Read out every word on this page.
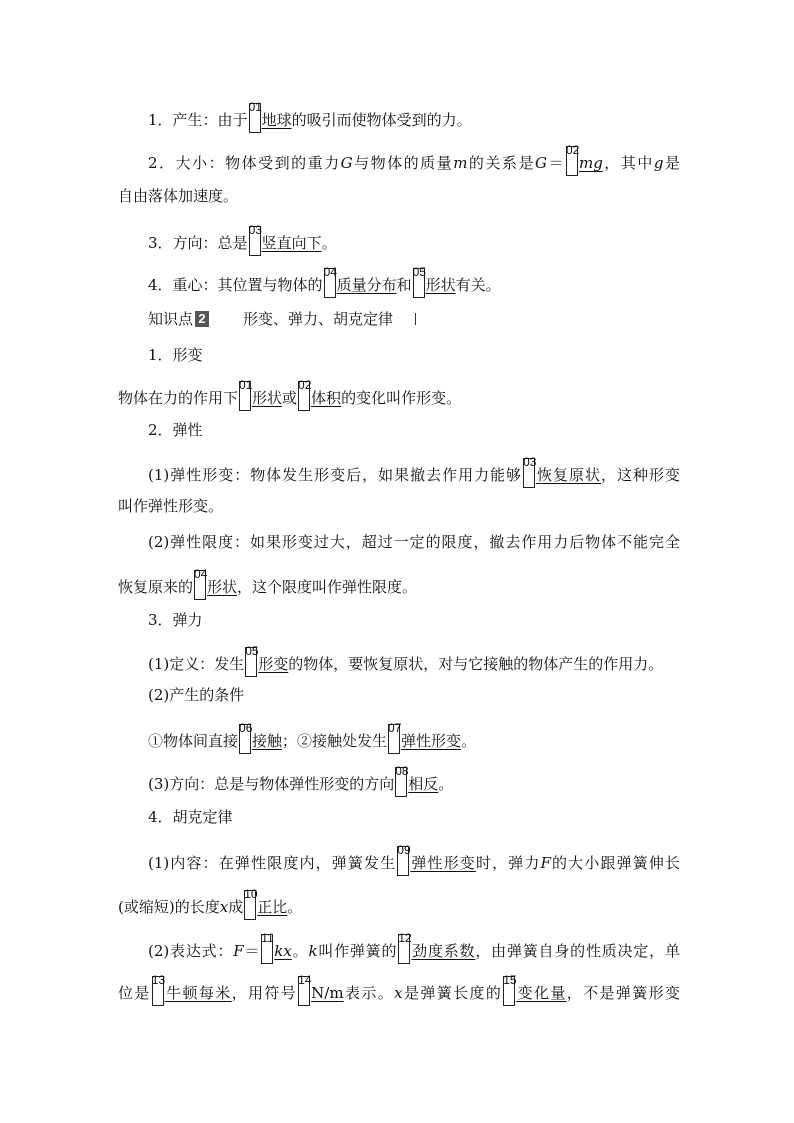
1．产生：由于
01
地球的吸引而使物体受到的力。
2．大小：物体受到的重力G与物体的质量m的关系是G＝
02
mg，其中g是
自由落体加速度。
3．方向：总是
03
竖直向下。
4．重心：其位置与物体的
04
质量分布和
05
形状有关。
知识点 2 形变、弹力、胡克定律
1．形变
物体在力的作用下
01
形状或
02
体积的变化叫作形变。
2．弹性
(1)弹性形变：物体发生形变后，如果撤去作用力能够
03
恢复原状，这种形变
叫作弹性形变。
(2)弹性限度：如果形变过大，超过一定的限度，撤去作用力后物体不能完全
恢复原来的
04
形状，这个限度叫作弹性限度。
3．弹力
(1)定义：发生
05
形变的物体，要恢复原状，对与它接触的物体产生的作用力。
(2)产生的条件
①物体间直接
06
接触；②接触处发生
07
弹性形变。
(3)方向：总是与物体弹性形变的方向
08
相反。
4．胡克定律
(1)内容：在弹性限度内，弹簧发生
09
弹性形变时，弹力F的大小跟弹簧伸长
(或缩短)的长度x成
10
正比。
(2)表达式：F＝
11
kx。k叫作弹簧的
12
劲度系数，由弹簧自身的性质决定，单
位是
13
牛顿每米，用符号
14
N/m表示。x是弹簧长度的
15
变化量，不是弹簧形变
